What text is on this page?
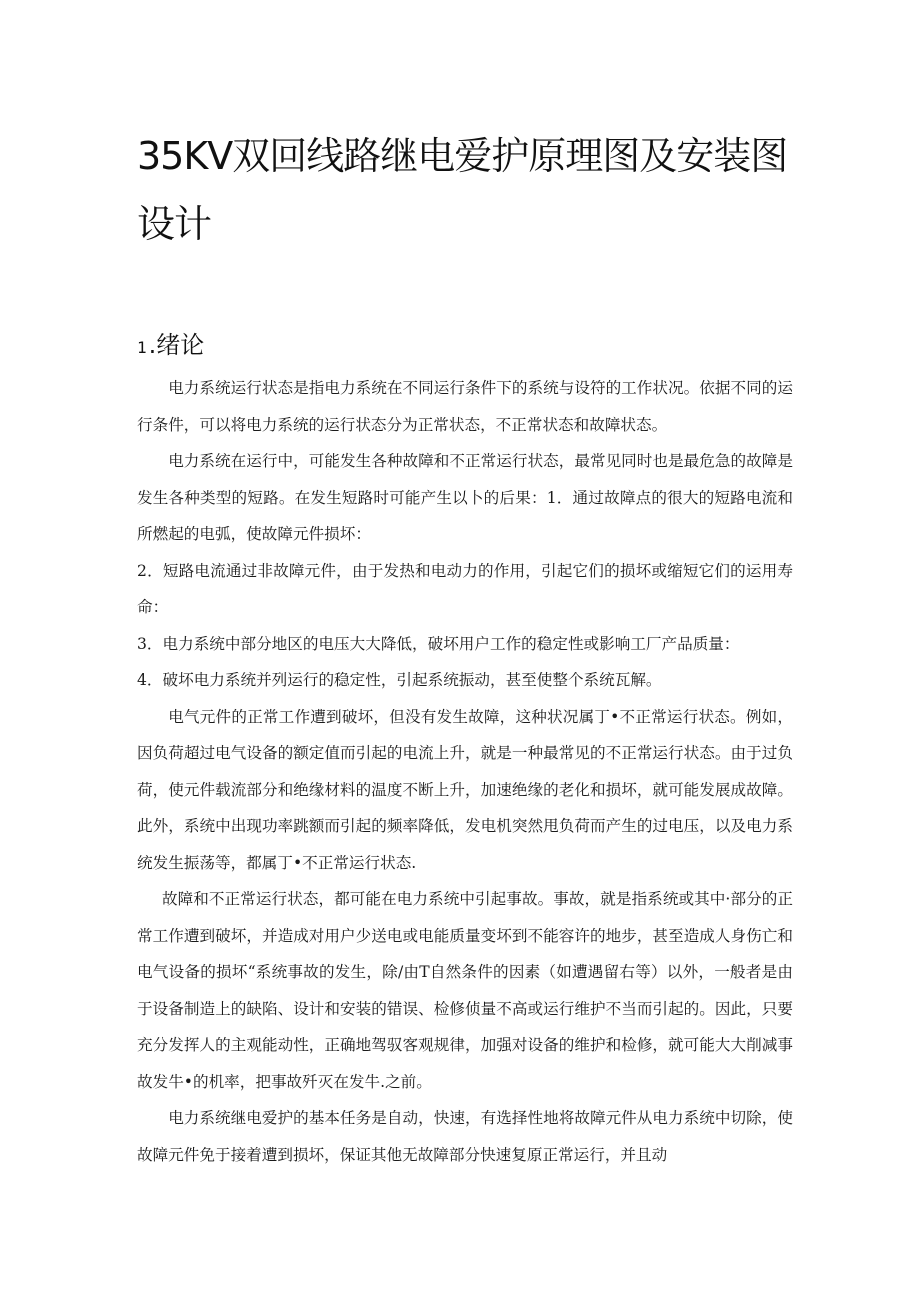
35KV双回线路继电爱护原理图及安装图设计
1.绪论

电力系统运行状态是指电力系统在不同运行条件下的系统与设符的工作状况。依据不同的运行条件，可以将电力系统的运行状态分为正常状态，不正常状态和故障状态。

电力系统在运行中，可能发生各种故障和不正常运行状态，最常见同时也是最危急的故障是发生各种类型的短路。在发生短路时可能产生以卜的后果：1．通过故障点的很大的短路电流和所燃起的电弧，使故障元件损坏：

2．短路电流通过非故障元件，由于发热和电动力的作用，引起它们的损坏或缩短它们的运用寿命：

3．电力系统中部分地区的电压大大降低，破坏用户工作的稳定性或影响工厂产品质量：

4．破坏电力系统并列运行的稳定性，引起系统振动，甚至使整个系统瓦解。

电气元件的正常工作遭到破坏，但没有发生故障，这种状况属丁•不正常运行状态。例如，因负荷超过电气设备的额定值而引起的电流上升，就是一种最常见的不正常运行状态。由于过负荷，使元件载流部分和绝缘材料的温度不断上升，加速绝缘的老化和损坏，就可能发展成故障。此外，系统中出现功率跳额而引起的频率降低，发电机突然甩负荷而产生的过电压，以及电力系统发生振荡等，都属丁•不正常运行状态.

故障和不正常运行状态，都可能在电力系统中引起事故。事故，就是指系统或其中·部分的正常工作遭到破坏，并造成对用户少送电或电能质量变坏到不能容许的地步，甚至造成人身伤亡和电气设备的损坏“系统事故的发生，除/由T自然条件的因素（如遭遇留右等）以外，一般者是由于设备制造上的缺陷、设计和安装的错误、检修侦量不高或运行维护不当而引起的。因此，只要充分发挥人的主观能动性，正确地驾驭客观规律，加强对设备的维护和检修，就可能大大削减事故发牛•的机率，把事故歼灭在发牛.之前。

电力系统继电爱护的基本任务是自动，快速，有选择性地将故障元件从电力系统中切除，使故障元件免于接着遭到损坏，保证其他无故障部分快速复原正常运行，并且动
